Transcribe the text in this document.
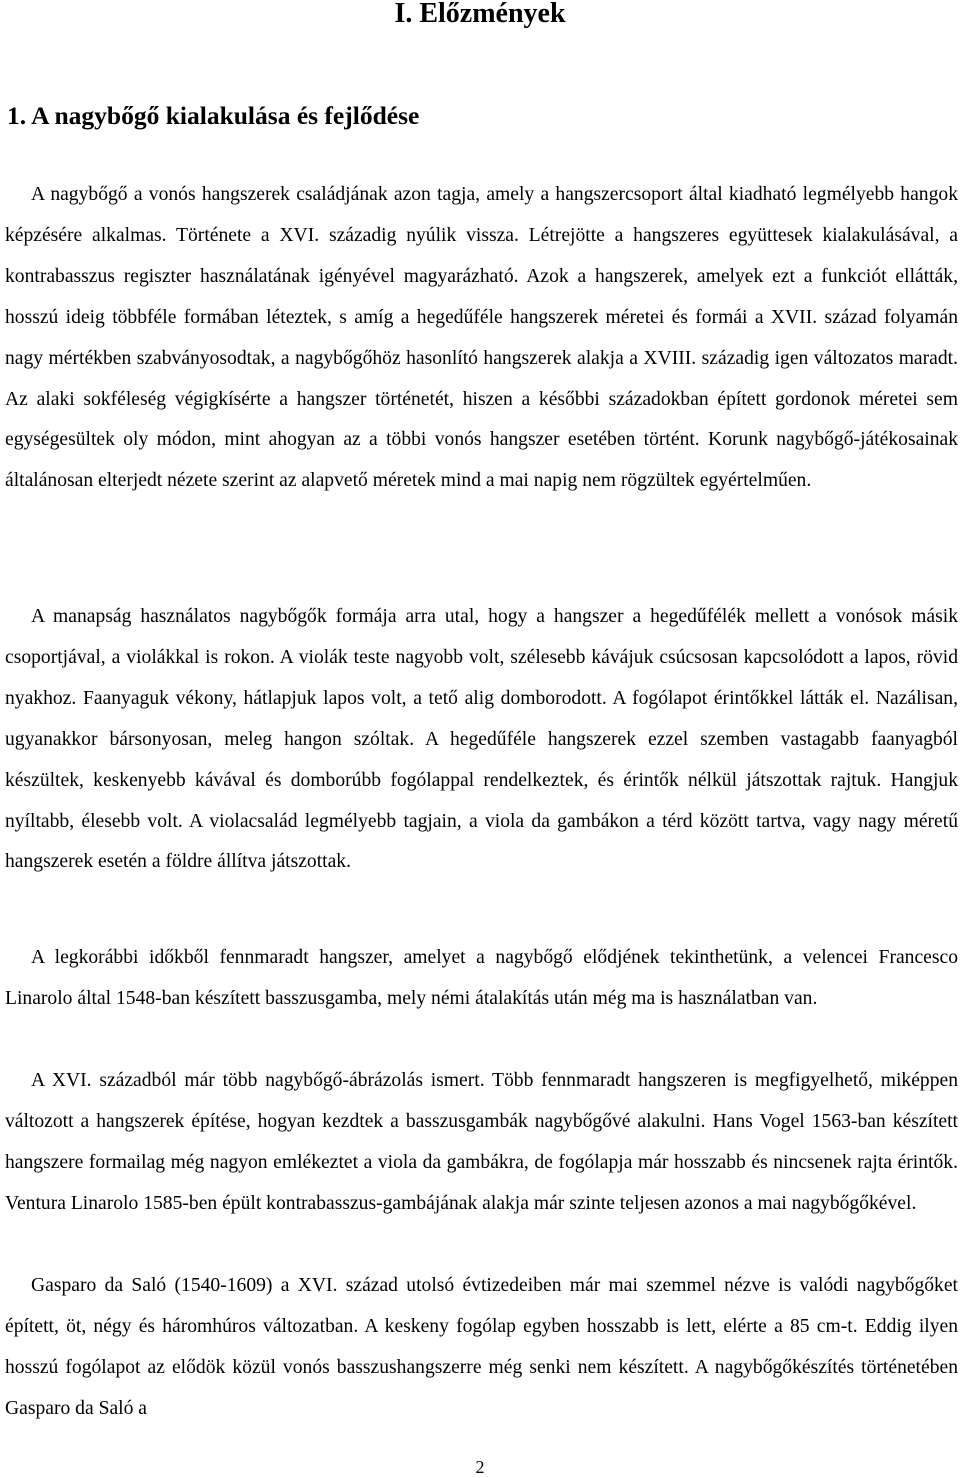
I. Előzmények
1. A nagybőgő kialakulása és fejlődése

A nagybőgő a vonós hangszerek családjának azon tagja, amely a hangszercsoport által kiadható legmélyebb hangok képzésére alkalmas. Története a XVI. századig nyúlik vissza. Létrejötte a hangszeres együttesek kialakulásával, a kontrabasszus regiszter használatának igényével magyarázható. Azok a hangszerek, amelyek ezt a funkciót ellátták, hosszú ideig többféle formában léteztek, s amíg a hegedűféle hangszerek méretei és formái a XVII. század folyamán nagy mértékben szabványosodtak, a nagybőgőhöz hasonlító hangszerek alakja a XVIII. századig igen változatos maradt. Az alaki sokféleség végigkísérte a hangszer történetét, hiszen a későbbi századokban épített gordonok méretei sem egységesültek oly módon, mint ahogyan az a többi vonós hangszer esetében történt. Korunk nagybőgő-játékosainak általánosan elterjedt nézete szerint az alapvető méretek mind a mai napig nem rögzültek egyértelműen.

A manapság használatos nagybőgők formája arra utal, hogy a hangszer a hegedűfélék mellett a vonósok másik csoportjával, a violákkal is rokon. A violák teste nagyobb volt, szélesebb kávájuk csúcsosan kapcsolódott a lapos, rövid nyakhoz. Faanyaguk vékony, hátlapjuk lapos volt, a tető alig domborodott. A fogólapot érintőkkel látták el. Nazálisan, ugyanakkor bársonyosan, meleg hangon szóltak. A hegedűféle hangszerek ezzel szemben vastagabb faanyagból készültek, keskenyebb kávával és domborúbb fogólappal rendelkeztek, és érintők nélkül játszottak rajtuk. Hangjuk nyíltabb, élesebb volt. A violacsalád legmélyebb tagjain, a viola da gambákon a térd között tartva, vagy nagy méretű hangszerek esetén a földre állítva játszottak.

A legkorábbi időkből fennmaradt hangszer, amelyet a nagybőgő elődjének tekinthetünk, a velencei Francesco Linarolo által 1548-ban készített basszusgamba, mely némi átalakítás után még ma is használatban van.

A XVI. századból már több nagybőgő-ábrázolás ismert. Több fennmaradt hangszeren is megfigyelhető, miképpen változott a hangszerek építése, hogyan kezdtek a basszusgambák nagybőgővé alakulni. Hans Vogel 1563-ban készített hangszere formailag még nagyon emlékeztet a viola da gambákra, de fogólapja már hosszabb és nincsenek rajta érintők. Ventura Linarolo 1585-ben épült kontrabasszus-gambájának alakja már szinte teljesen azonos a mai nagybőgőkével.

Gasparo da Saló (1540-1609) a XVI. század utolsó évtizedeiben már mai szemmel nézve is valódi nagybőgőket épített, öt, négy és háromhúros változatban. A keskeny fogólap egyben hosszabb is lett, elérte a 85 cm-t. Eddig ilyen hosszú fogólapot az elődök közül vonós basszushangszerre még senki nem készített. A nagybőgőkészítés történetében Gasparo da Saló a

2
